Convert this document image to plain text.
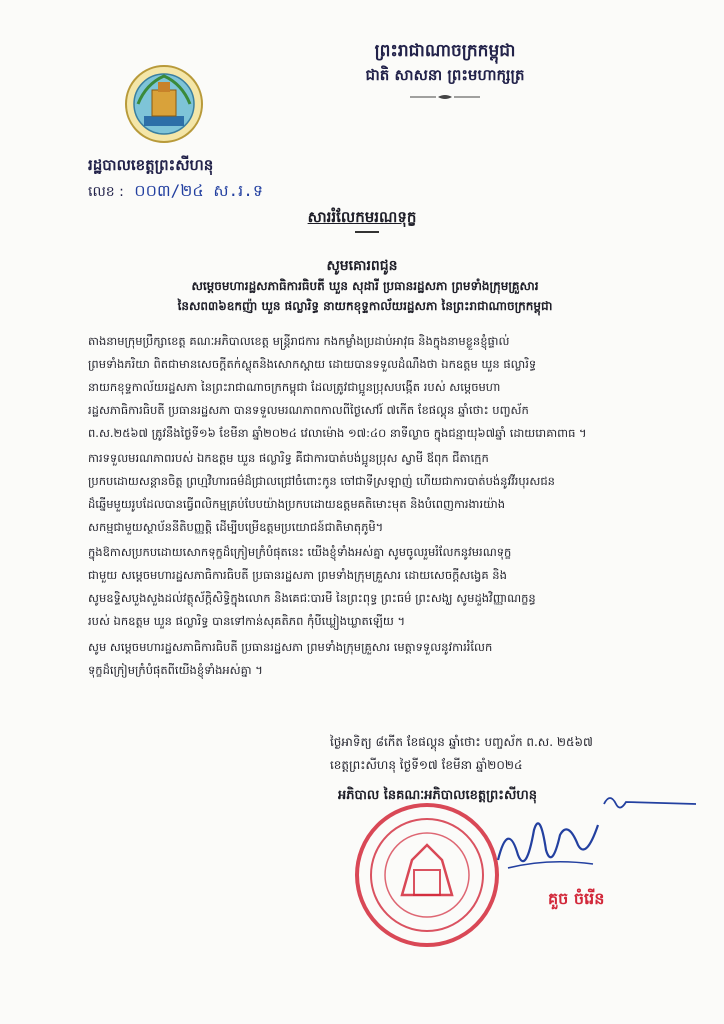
ព្រះរាជាណាចក្រកម្ពុជា
ជាតិ សាសនា ព្រះមហាក្សត្រ
រដ្ឋបាលខេត្តព្រះសីហនុ
លេខ : ០០៣/២៤ ស.រ.ទ
សាររំលែកមរណទុក្ខ
សូមគោរពជូន
សម្តេចមហារដ្ឋសភាធិការធិបតី ឃួន សុដារី ប្រធានរដ្ឋសភា ព្រមទាំងក្រុមគ្រួសារ
នៃសព៣៦ឧកញ៉ា ឃួន ផល្លារិទ្ធ នាយកខុទ្ទកាល័យរដ្ឋសភា នៃព្រះរាជាណាចក្រកម្ពុជា
តាងនាមក្រុមប្រឹក្សាខេត្ត គណៈអភិបាលខេត្ត មន្ត្រីរាជការ កងកម្លាំងប្រដាប់អាវុធ និងក្នុងនាមខ្លួនខ្ញុំផ្ទាល់
ព្រមទាំងភរិយា ពិតជាមានសេចក្តីតក់ស្លុតនិងសោកស្តាយ ដោយបានទទួលដំណឹងថា ឯកឧត្តម ឃួន ផល្លារិទ្ធ
នាយកខុទ្ទកាល័យរដ្ឋសភា នៃព្រះរាជាណាចក្រកម្ពុជា ដែលត្រូវជាប្អូនប្រុសបង្កើត របស់ សម្តេចមហា
រដ្ឋសភាធិការធិបតី ប្រធានរដ្ឋសភា បានទទួលមរណភាពកាលពីថ្ងៃសៅរ៍ ៧កើត ខែផល្គុន ឆ្នាំថោះ បញ្ចស័ក
ព.ស.២៥៦៧ ត្រូវនឹងថ្ងៃទី១៦ ខែមីនា ឆ្នាំ២០២៤ វេលាម៉ោង ១៧:៤០ នាទីល្ងាច ក្នុងជន្មាយុ៦៧ឆ្នាំ ដោយរោគាពាធ ។
ការទទួលមរណភាពរបស់ ឯកឧត្តម ឃួន ផល្លារិទ្ធ គឺជាការបាត់បង់ប្អូនប្រុស ស្វាមី ឪពុក ជីតាក្មេក
ប្រកបដោយសន្តានចិត្ត ព្រហ្មវិហារធម៌ដ៏ជ្រាលជ្រៅចំពោះកូន ចៅជាទីស្រឡាញ់ ហើយជាការបាត់បង់នូវវីរបុរសជន
ដ៏ឆ្នើមមួយរូបដែលបានធ្វើពលិកម្មគ្រប់បែបយ៉ាងប្រកបដោយឧត្តមគតិមោះមុត និងបំពេញការងារយ៉ាង
សកម្មជាមួយស្ថាប័ននីតិបញ្ញត្តិ ដើម្បីបម្រើឧត្តមប្រយោជន៍ជាតិមាតុភូមិ។
ក្នុងឱកាសប្រកបដោយសោកទុក្ខដ៏ក្រៀមក្រំបំផុតនេះ យើងខ្ញុំទាំងអស់គ្នា សូមចូលរួមរំលែកនូវមរណទុក្ខ
ជាមួយ សម្តេចមហារដ្ឋសភាធិការធិបតី ប្រធានរដ្ឋសភា ព្រមទាំងក្រុមគ្រួសារ ដោយសេចក្តីសង្វេគ និង
សូមឧទ្ទិសបួងសួងដល់វត្ថុស័ក្តិសិទ្ធិក្នុងលោក និងគេជៈបារមី នៃព្រះពុទ្ធ ព្រះធម៌ ព្រះសង្ឃ សូមដួងវិញ្ញាណក្ខន្ធ
របស់ ឯកឧត្តម ឃួន ផល្លារិទ្ធ បានទៅកាន់សុគតិភព កុំបីឃ្លៀងឃ្លាតឡើយ ។
សូម សម្តេចមហារដ្ឋសភាធិការធិបតី ប្រធានរដ្ឋសភា ព្រមទាំងក្រុមគ្រួសារ មេត្តាទទួលនូវការរំលែក
ទុក្ខដ៏ក្រៀមក្រំបំផុតពីយើងខ្ញុំទាំងអស់គ្នា ។
ថ្ងៃអាទិត្យ ៨កើត ខែផល្គុន ឆ្នាំថោះ បញ្ចស័ក ព.ស. ២៥៦៧
ខេត្តព្រះសីហនុ ថ្ងៃទី១៧ ខែមីនា ឆ្នាំ២០២៤
អភិបាល នៃគណៈអភិបាលខេត្តព្រះសីហនុ
គួច ចំរើន
